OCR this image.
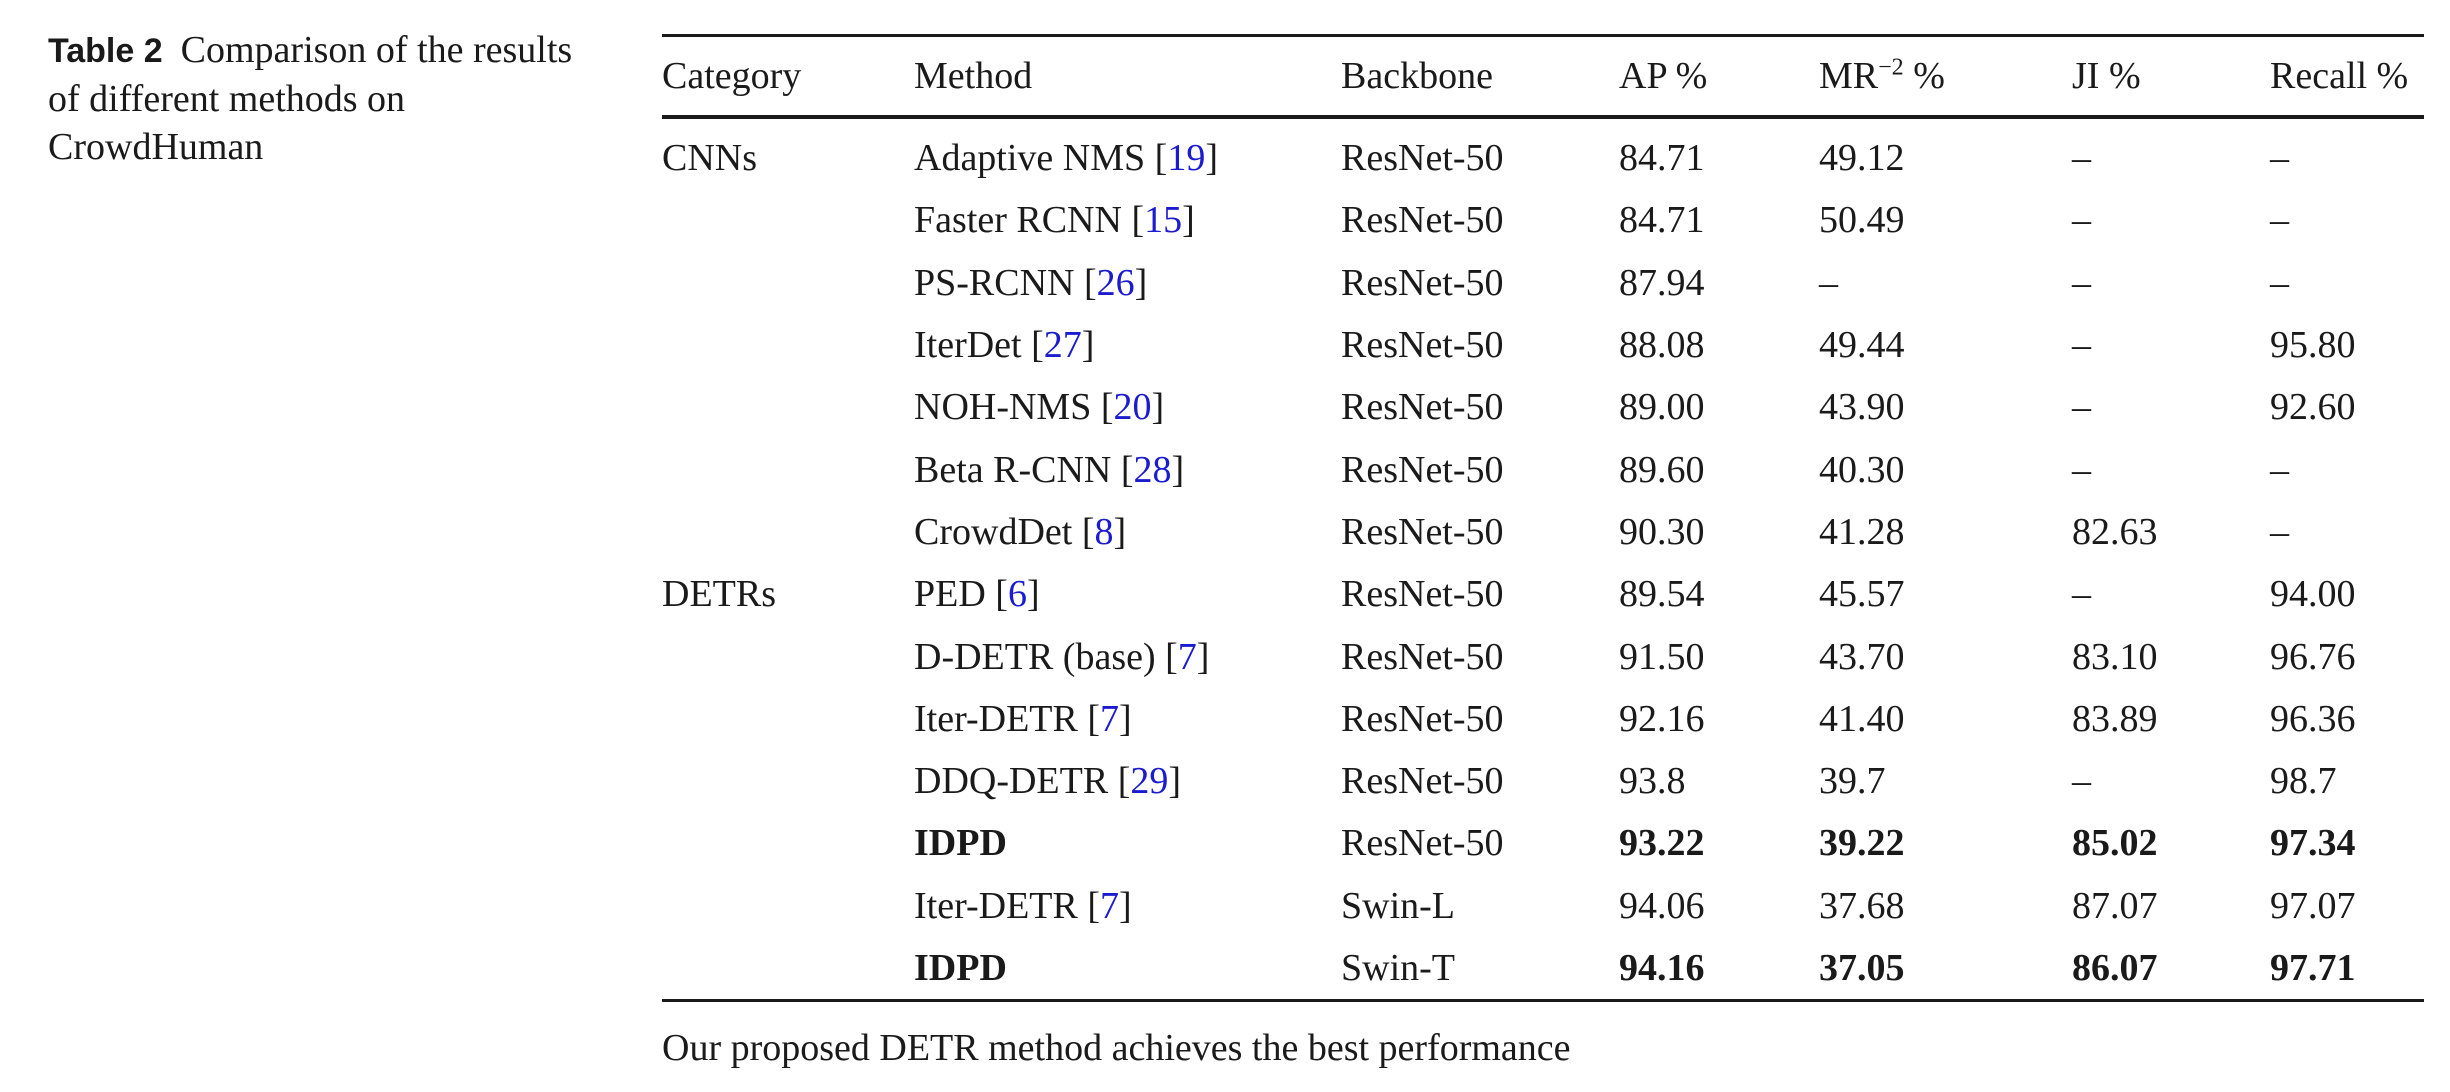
Table 2 Comparison of the results of different methods on CrowdHuman
Category	Method	Backbone	AP %	$MR^{-2}$ %	JI %	Recall %
CNNs	Adaptive NMS [19]	ResNet-50	84.71	49.12	–	–
	Faster RCNN [15]	ResNet-50	84.71	50.49	–	–
	PS-RCNN [26]	ResNet-50	87.94	–	–	–
	IterDet [27]	ResNet-50	88.08	49.44	–	95.80
	NOH-NMS [20]	ResNet-50	89.00	43.90	–	92.60
	Beta R-CNN [28]	ResNet-50	89.60	40.30	–	–
	CrowdDet [8]	ResNet-50	90.30	41.28	82.63	–
DETRs	PED [6]	ResNet-50	89.54	45.57	–	94.00
	D-DETR (base) [7]	ResNet-50	91.50	43.70	83.10	96.76
	Iter-DETR [7]	ResNet-50	92.16	41.40	83.89	96.36
	DDQ-DETR [29]	ResNet-50	93.8	39.7	–	98.7
	IDPD	ResNet-50	93.22	39.22	85.02	97.34
	Iter-DETR [7]	Swin-L	94.06	37.68	87.07	97.07
	IDPD	Swin-T	94.16	37.05	86.07	97.71
Our proposed DETR method achieves the best performance
